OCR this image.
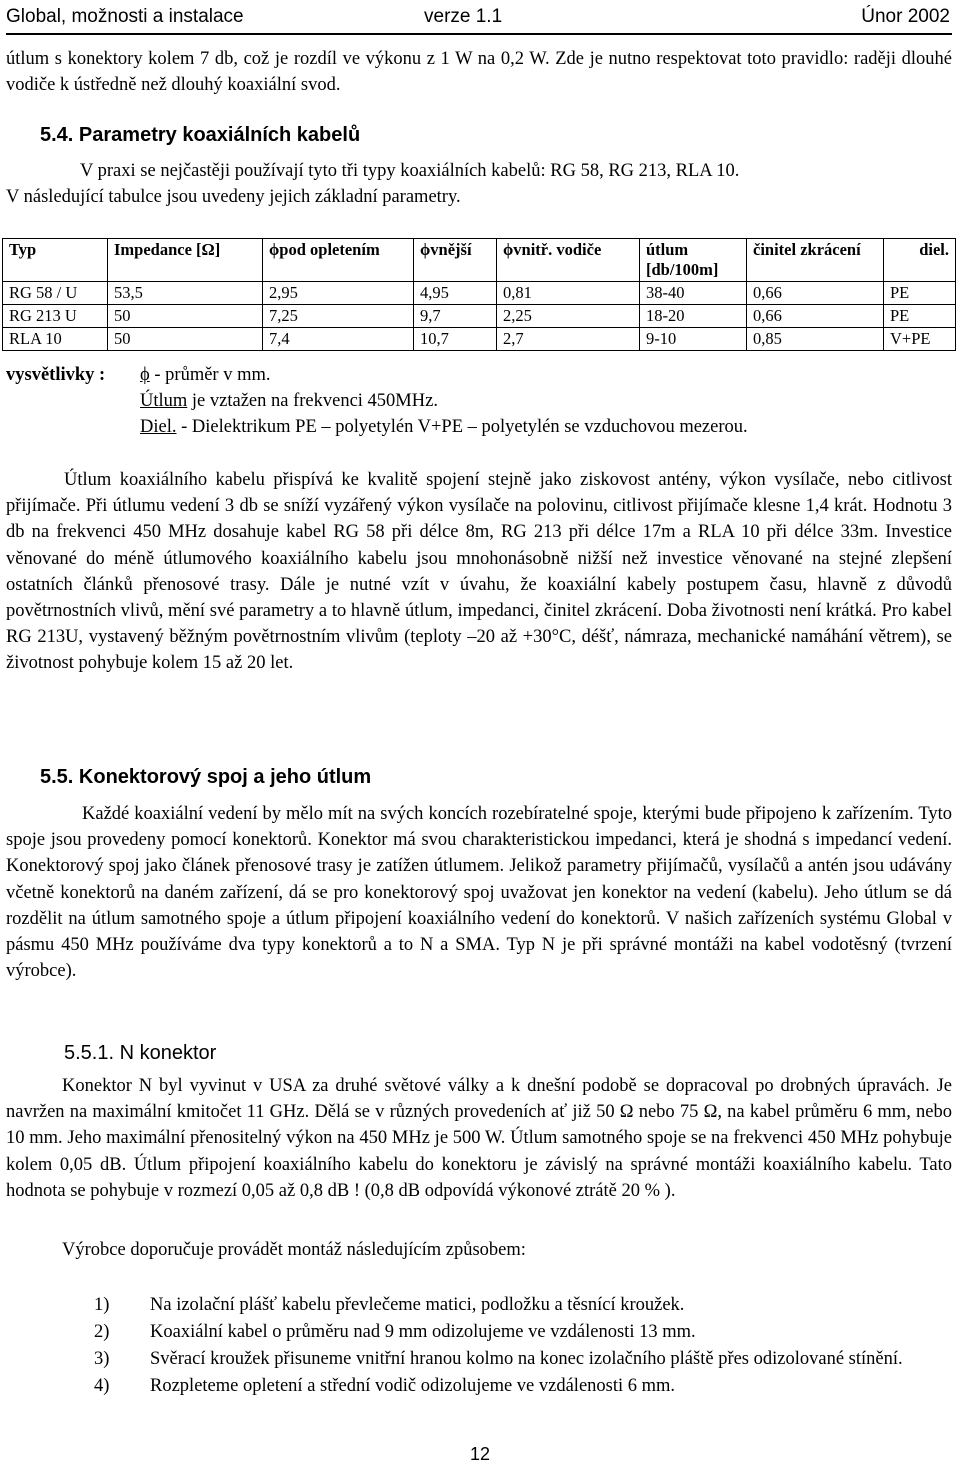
Global, možnosti a instalace	verze 1.1	Únor 2002

útlum s konektory kolem 7 db, což je rozdíl ve výkonu z 1 W na 0,2 W. Zde je nutno respektovat toto pravidlo: raději dlouhé vodiče k ústředně než dlouhý koaxiální svod.

5.4. Parametry koaxiálních kabelů

V praxi se nejčastěji používají tyto tři typy koaxiálních kabelů: RG 58, RG 213, RLA 10.
V následující tabulce jsou uvedeny jejich základní parametry.

Typ	Impedance [Ω]	ϕpod opletením	ϕvnější	ϕvnitř. vodiče	útlum [db/100m]	činitel zkrácení	diel.
RG 58 / U	53,5	2,95	4,95	0,81	38-40	0,66	PE
RG 213 U	50	7,25	9,7	2,25	18-20	0,66	PE
RLA 10	50	7,4	10,7	2,7	9-10	0,85	V+PE
vysvětlivky :	ϕ - průměr v mm.
Útlum je vztažen na frekvenci 450MHz.
Diel. - Dielektrikum PE – polyetylén V+PE – polyetylén se vzduchovou mezerou.

Útlum koaxiálního kabelu přispívá ke kvalitě spojení stejně jako ziskovost antény, výkon vysílače, nebo citlivost přijímače. Při útlumu vedení 3 db se sníží vyzářený výkon vysílače na polovinu, citlivost přijímače klesne 1,4 krát. Hodnotu 3 db na frekvenci 450 MHz dosahuje kabel RG 58 při délce 8m, RG 213 při délce 17m a RLA 10 při délce 33m. Investice věnované do méně útlumového koaxiálního kabelu jsou mnohonásobně nižší než investice věnované na stejné zlepšení ostatních článků přenosové trasy. Dále je nutné vzít v úvahu, že koaxiální kabely postupem času, hlavně z důvodů povětrnostních vlivů, mění své parametry a to hlavně útlum, impedanci, činitel zkrácení. Doba životnosti není krátká. Pro kabel RG 213U, vystavený běžným povětrnostním vlivům (teploty –20 až +30°C, déšť, námraza, mechanické namáhání větrem), se životnost pohybuje kolem 15 až 20 let.

5.5. Konektorový spoj a jeho útlum

Každé koaxiální vedení by mělo mít na svých koncích rozebíratelné spoje, kterými bude připojeno k zařízením. Tyto spoje jsou provedeny pomocí konektorů. Konektor má svou charakteristickou impedanci, která je shodná s impedancí vedení. Konektorový spoj jako článek přenosové trasy je zatížen útlumem. Jelikož parametry přijímačů, vysílačů a antén jsou udávány včetně konektorů na daném zařízení, dá se pro konektorový spoj uvažovat jen konektor na vedení (kabelu). Jeho útlum se dá rozdělit na útlum samotného spoje a útlum připojení koaxiálního vedení do konektorů. V našich zařízeních systému Global v pásmu 450 MHz používáme dva typy konektorů a to N a SMA. Typ N je při správné montáži na kabel vodotěsný (tvrzení výrobce).

5.5.1. N konektor

Konektor N byl vyvinut v USA za druhé světové války a k dnešní podobě se dopracoval po drobných úpravách. Je navržen na maximální kmitočet 11 GHz. Dělá se v různých provedeních ať již 50 Ω nebo 75 Ω, na kabel průměru 6 mm, nebo 10 mm. Jeho maximální přenositelný výkon na 450 MHz je 500 W. Útlum samotného spoje se na frekvenci 450 MHz pohybuje kolem 0,05 dB. Útlum připojení koaxiálního kabelu do konektoru je závislý na správné montáži koaxiálního kabelu. Tato hodnota se pohybuje v rozmezí 0,05 až 0,8 dB ! (0,8 dB odpovídá výkonové ztrátě 20 % ).

Výrobce doporučuje provádět montáž následujícím způsobem:

1)	Na izolační plášť kabelu převlečeme matici, podložku a těsnící kroužek.
2)	Koaxiální kabel o průměru nad 9 mm odizolujeme ve vzdálenosti 13 mm.
3)	Svěrací kroužek přisuneme vnitřní hranou kolmo na konec izolačního pláště přes odizolované stínění.
4)	Rozpleteme opletení a střední vodič odizolujeme ve vzdálenosti 6 mm.
12
